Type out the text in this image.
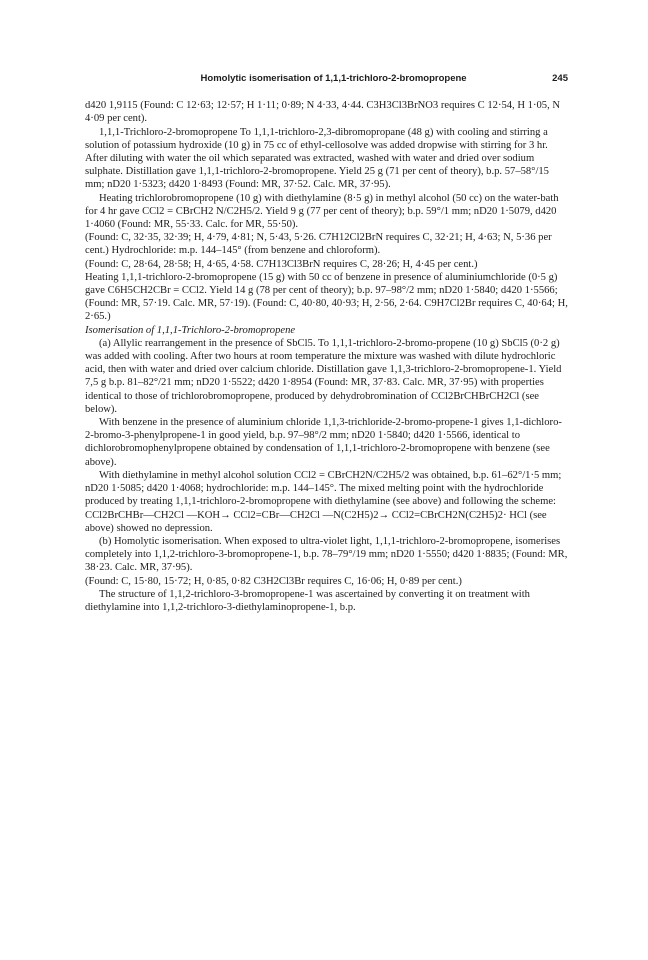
Homolytic isomerisation of 1,1,1-trichloro-2-bromopropene	245

d420 1,9115 (Found: C 12·63; 12·57; H 1·11; 0·89; N 4·33, 4·44. C3H3Cl3BrNO3 requires C 12·54, H 1·05, N 4·09 per cent).

1,1,1-Trichloro-2-bromopropene To 1,1,1-trichloro-2,3-dibromopropane (48 g) with cooling and stirring a solution of potassium hydroxide (10 g) in 75 cc of ethyl-cellosolve was added dropwise with stirring for 3 hr. After diluting with water the oil which separated was extracted, washed with water and dried over sodium sulphate. Distillation gave 1,1,1-trichloro-2-bromopropene. Yield 25 g (71 per cent of theory), b.p. 57–58°/15 mm; nD20 1·5323; d420 1·8493 (Found: MR, 37·52. Calc. MR, 37·95).

Heating trichlorobromopropene (10 g) with diethylamine (8·5 g) in methyl alcohol (50 cc) on the water-bath for 4 hr gave CCl2 = CBrCH2 N/C2H5/2. Yield 9 g (77 per cent of theory); b.p. 59°/1 mm; nD20 1·5079, d420 1·4060 (Found: MR, 55·33. Calc. for MR, 55·50).

(Found: C, 32·35, 32·39; H, 4·79, 4·81; N, 5·43, 5·26. C7H12Cl2BrN requires C, 32·21; H, 4·63; N, 5·36 per cent.) Hydrochloride: m.p. 144–145° (from benzene and chloroform).

(Found: C, 28·64, 28·58; H, 4·65, 4·58. C7H13Cl3BrN requires C, 28·26; H, 4·45 per cent.)

Heating 1,1,1-trichloro-2-bromopropene (15 g) with 50 cc of benzene in presence of aluminiumchloride (0·5 g) gave C6H5CH2CBr = CCl2. Yield 14 g (78 per cent of theory); b.p. 97–98°/2 mm; nD20 1·5840; d420 1·5566; (Found: MR, 57·19. Calc. MR, 57·19). (Found: C, 40·80, 40·93; H, 2·56, 2·64. C9H7Cl2Br requires C, 40·64; H, 2·65.)

Isomerisation of 1,1,1-Trichloro-2-bromopropene

(a) Allylic rearrangement in the presence of SbCl5. To 1,1,1-trichloro-2-bromo-propene (10 g) SbCl5 (0·2 g) was added with cooling. After two hours at room temperature the mixture was washed with dilute hydrochloric acid, then with water and dried over calcium chloride. Distillation gave 1,1,3-trichloro-2-bromopropene-1. Yield 7,5 g b.p. 81–82°/21 mm; nD20 1·5522; d420 1·8954 (Found: MR, 37·83. Calc. MR, 37·95) with properties identical to those of trichlorobromopropene, produced by dehydrobromination of CCl2BrCHBrCH2Cl (see below).

With benzene in the presence of aluminium chloride 1,1,3-trichloride-2-bromo-propene-1 gives 1,1-dichloro-2-bromo-3-phenylpropene-1 in good yield, b.p. 97–98°/2 mm; nD20 1·5840; d420 1·5566, identical to dichlorobromophenylpropene obtained by condensation of 1,1,1-trichloro-2-bromopropene with benzene (see above).

With diethylamine in methyl alcohol solution CCl2 = CBrCH2N/C2H5/2 was obtained, b.p. 61–62°/1·5 mm; nD20 1·5085; d420 1·4068; hydrochloride: m.p. 144–145°. The mixed melting point with the hydrochloride produced by treating 1,1,1-trichloro-2-bromopropene with diethylamine (see above) and following the scheme: CCl2BrCHBr—CH2Cl —KOH→ CCl2=CBr—CH2Cl —N(C2H5)2→ CCl2=CBrCH2N(C2H5)2· HCl (see above) showed no depression.

(b) Homolytic isomerisation. When exposed to ultra-violet light, 1,1,1-trichloro-2-bromopropene, isomerises completely into 1,1,2-trichloro-3-bromopropene-1, b.p. 78–79°/19 mm; nD20 1·5550; d420 1·8835; (Found: MR, 38·23. Calc. MR, 37·95).

(Found: C, 15·80, 15·72; H, 0·85, 0·82 C3H2Cl3Br requires C, 16·06; H, 0·89 per cent.)

The structure of 1,1,2-trichloro-3-bromopropene-1 was ascertained by converting it on treatment with diethylamine into 1,1,2-trichloro-3-diethylaminopropene-1, b.p.
